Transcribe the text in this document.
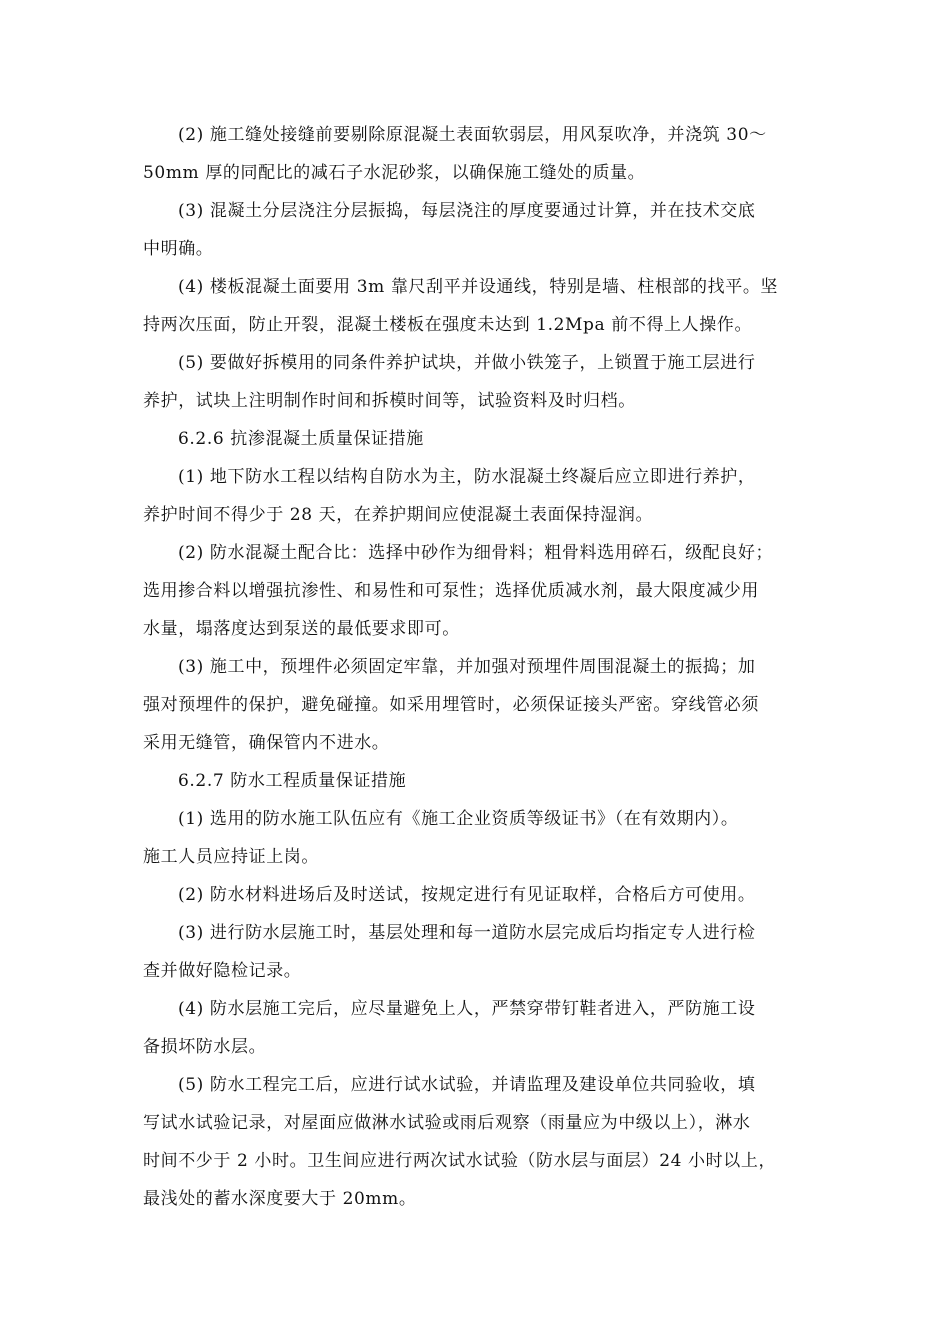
(2) 施工缝处接缝前要剔除原混凝土表面软弱层，用风泵吹净，并浇筑 30～
50mm 厚的同配比的减石子水泥砂浆，以确保施工缝处的质量。
(3) 混凝土分层浇注分层振捣，每层浇注的厚度要通过计算，并在技术交底
中明确。
(4) 楼板混凝土面要用 3m 靠尺刮平并设通线，特别是墙、柱根部的找平。坚
持两次压面，防止开裂，混凝土楼板在强度未达到 1.2Mpa 前不得上人操作。
(5) 要做好拆模用的同条件养护试块，并做小铁笼子，上锁置于施工层进行
养护，试块上注明制作时间和拆模时间等，试验资料及时归档。
6.2.6 抗渗混凝土质量保证措施
(1) 地下防水工程以结构自防水为主，防水混凝土终凝后应立即进行养护，
养护时间不得少于 28 天，在养护期间应使混凝土表面保持湿润。
(2) 防水混凝土配合比：选择中砂作为细骨料；粗骨料选用碎石，级配良好；
选用掺合料以增强抗渗性、和易性和可泵性；选择优质减水剂，最大限度减少用
水量，塌落度达到泵送的最低要求即可。
(3) 施工中，预埋件必须固定牢靠，并加强对预埋件周围混凝土的振捣；加
强对预埋件的保护，避免碰撞。如采用埋管时，必须保证接头严密。穿线管必须
采用无缝管，确保管内不进水。
6.2.7 防水工程质量保证措施
(1) 选用的防水施工队伍应有《施工企业资质等级证书》（在有效期内）。
施工人员应持证上岗。
(2) 防水材料进场后及时送试，按规定进行有见证取样，合格后方可使用。
(3) 进行防水层施工时，基层处理和每一道防水层完成后均指定专人进行检
查并做好隐检记录。
(4) 防水层施工完后，应尽量避免上人，严禁穿带钉鞋者进入，严防施工设
备损坏防水层。
(5) 防水工程完工后，应进行试水试验，并请监理及建设单位共同验收，填
写试水试验记录，对屋面应做淋水试验或雨后观察（雨量应为中级以上），淋水
时间不少于 2 小时。卫生间应进行两次试水试验（防水层与面层）24 小时以上，
最浅处的蓄水深度要大于 20mm。
